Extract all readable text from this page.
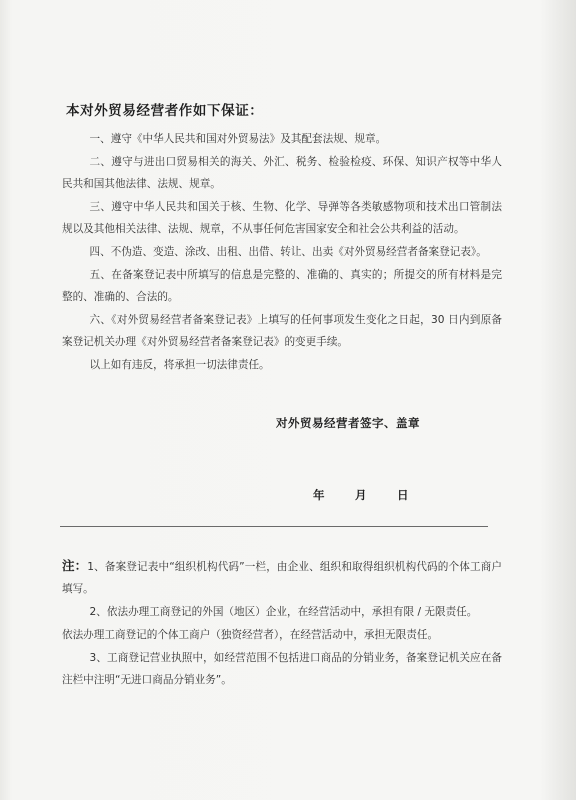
本对外贸易经营者作如下保证：

一、遵守《中华人民共和国对外贸易法》及其配套法规、规章。

二、遵守与进出口贸易相关的海关、外汇、税务、检验检疫、环保、知识产权等中华人民共和国其他法律、法规、规章。

三、遵守中华人民共和国关于核、生物、化学、导弹等各类敏感物项和技术出口管制法规以及其他相关法律、法规、规章，不从事任何危害国家安全和社会公共利益的活动。

四、不伪造、变造、涂改、出租、出借、转让、出卖《对外贸易经营者备案登记表》。

五、在备案登记表中所填写的信息是完整的、准确的、真实的；所提交的所有材料是完整的、准确的、合法的。

六、《对外贸易经营者备案登记表》上填写的任何事项发生变化之日起，30 日内到原备案登记机关办理《对外贸易经营者备案登记表》的变更手续。

以上如有违反，将承担一切法律责任。

对外贸易经营者签字、盖章
年	月	日

注：1、备案登记表中“组织机构代码”一栏，由企业、组织和取得组织机构代码的个体工商户填写。

2、依法办理工商登记的外国（地区）企业，在经营活动中，承担有限 / 无限责任。

依法办理工商登记的个体工商户（独资经营者），在经营活动中，承担无限责任。

3、工商登记营业执照中，如经营范围不包括进口商品的分销业务，备案登记机关应在备注栏中注明“无进口商品分销业务”。
